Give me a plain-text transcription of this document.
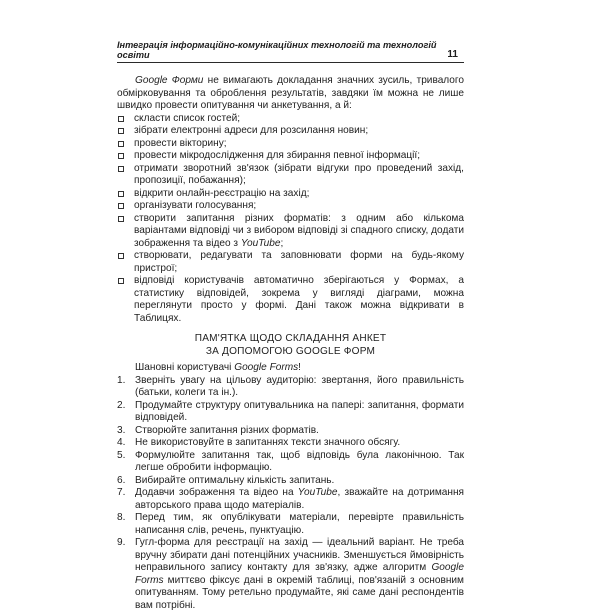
Інтеграція інформаційно-комунікаційних технологій та технологій освіти	11

Google Форми не вимагають докладання значних зусиль, тривалого обмірковування та оброблення результатів, завдяки їм можна не лише швидко провести опитування чи анкетування, а й:

скласти список гостей;
зібрати електронні адреси для розсилання новин;
провести вікторину;
провести мікродослідження для збирання певної інформації;
отримати зворотний зв'язок (зібрати відгуки про проведений захід, пропозиції, побажання);
відкрити онлайн-реєстрацію на захід;
організувати голосування;
створити запитання різних форматів: з одним або кількома варіантами відповіді чи з вибором відповіді зі спадного списку, додати зображення та відео з YouTube;
створювати, редагувати та заповнювати форми на будь-якому пристрої;
відповіді користувачів автоматично зберігаються у Формах, а статистику відповідей, зокрема у вигляді діаграми, можна переглянути просто у формі. Дані також можна відкривати в Таблицях.
ПАМ'ЯТКА ЩОДО СКЛАДАННЯ АНКЕТ
ЗА ДОПОМОГОЮ GOOGLE ФОРМ
Шановні користувачі Google Forms!
1. Зверніть увагу на цільову аудиторію: звертання, його правильність (батьки, колеги та ін.).
2. Продумайте структуру опитувальника на папері: запитання, формати відповідей.
3. Створюйте запитання різних форматів.
4. Не використовуйте в запитаннях тексти значного обсягу.
5. Формулюйте запитання так, щоб відповідь була лаконічною. Так легше обробити інформацію.
6. Вибирайте оптимальну кількість запитань.
7. Додавчи зображення та відео на YouTube, зважайте на дотримання авторського права щодо матеріалів.
8. Перед тим, як опублікувати матеріали, перевірте правильність написання слів, речень, пунктуацію.
9. Гугл-форма для реєстрації на захід — ідеальний варіант. Не треба вручну збирати дані потенційних учасників. Зменшується ймовірність неправильного запису контакту для зв'язку, адже алгоритм Google Forms миттєво фіксує дані в окремій таблиці, пов'язаній з основним опитуванням. Тому ретельно продумайте, які саме дані респондентів вам потрібні.
